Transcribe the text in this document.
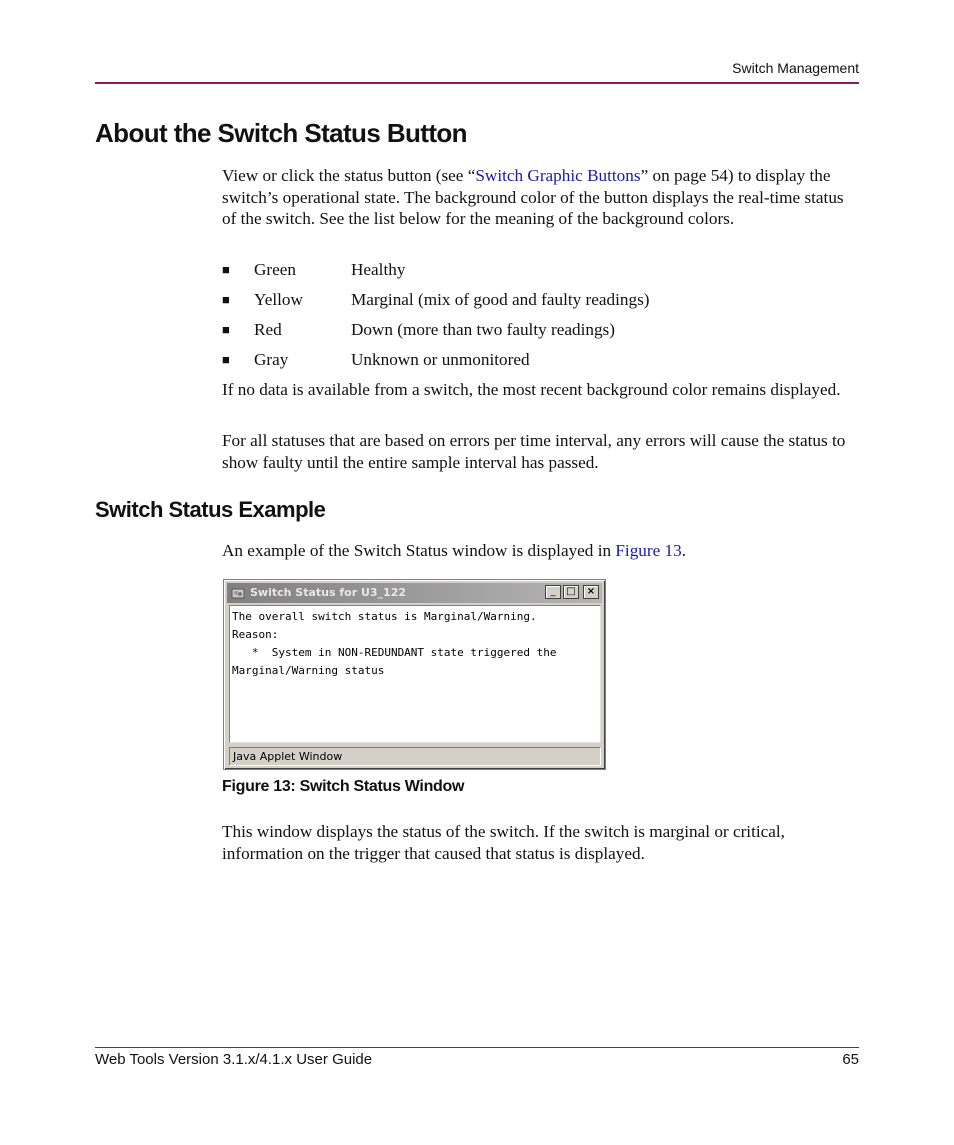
Switch Management
About the Switch Status Button

View or click the status button (see “Switch Graphic Buttons” on page 54) to display the switch’s operational state. The background color of the button displays the real-time status of the switch. See the list below for the meaning of the background colors.

■ Green	Healthy
■ Yellow	Marginal (mix of good and faulty readings)
■ Red	Down (more than two faulty readings)
■ Gray	Unknown or unmonitored

If no data is available from a switch, the most recent background color remains displayed.

For all statuses that are based on errors per time interval, any errors will cause the status to show faulty until the entire sample interval has passed.

Switch Status Example

An example of the Switch Status window is displayed in Figure 13.

Switch Status for U3_122	_	□	×
The overall switch status is Marginal/Warning.
Reason:
*  System in NON-REDUNDANT state triggered the
Marginal/Warning status
Java Applet Window
Figure 13: Switch Status Window

This window displays the status of the switch. If the switch is marginal or critical, information on the trigger that caused that status is displayed.

Web Tools Version 3.1.x/4.1.x User Guide	65
